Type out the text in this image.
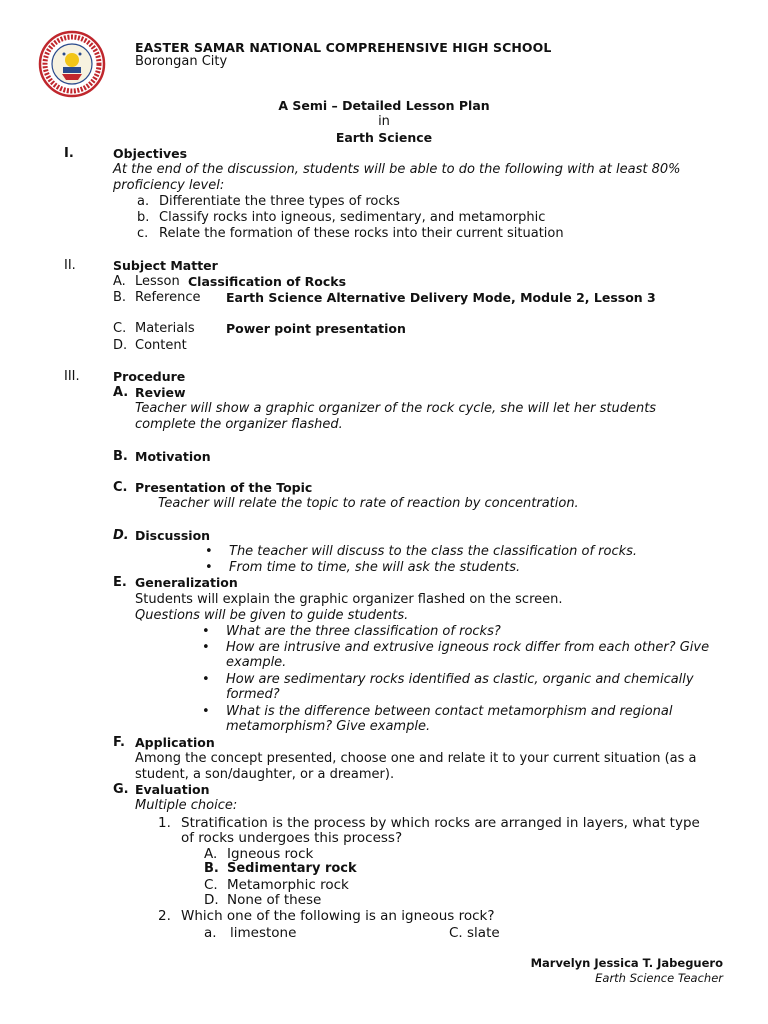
EASTER SAMAR NATIONAL COMPREHENSIVE HIGH SCHOOL
Borongan City
A Semi – Detailed Lesson Plan
in
Earth Science
I.	Objectives
At the end of the discussion, students will be able to do the following with at least 80%
proficiency level:
a. Differentiate the three types of rocks
b. Classify rocks into igneous, sedimentary, and metamorphic
c. Relate the formation of these rocks into their current situation
II.	Subject Matter
A. Lesson Classification of Rocks
B. Reference Earth Science Alternative Delivery Mode, Module 2, Lesson 3
C. Materials	Power point presentation
D. Content
III.	Procedure
A. Review
Teacher will show a graphic organizer of the rock cycle, she will let her students
complete the organizer flashed.
B. Motivation
C. Presentation of the Topic
Teacher will relate the topic to rate of reaction by concentration.
D. Discussion
• The teacher will discuss to the class the classification of rocks.
• From time to time, she will ask the students.
E. Generalization
Students will explain the graphic organizer flashed on the screen.
Questions will be given to guide students.
• What are the three classification of rocks?
• How are intrusive and extrusive igneous rock differ from each other? Give
example.
• How are sedimentary rocks identified as clastic, organic and chemically
formed?
• What is the difference between contact metamorphism and regional
metamorphism? Give example.
F. Application
Among the concept presented, choose one and relate it to your current situation (as a
student, a son/daughter, or a dreamer).
G. Evaluation
Multiple choice:
1. Stratification is the process by which rocks are arranged in layers, what type
of rocks undergoes this process?
A. Igneous rock
B. Sedimentary rock
C. Metamorphic rock
D. None of these
2. Which one of the following is an igneous rock?
a. limestone	C. slate
Marvelyn Jessica T. Jabeguero
Earth Science Teacher
